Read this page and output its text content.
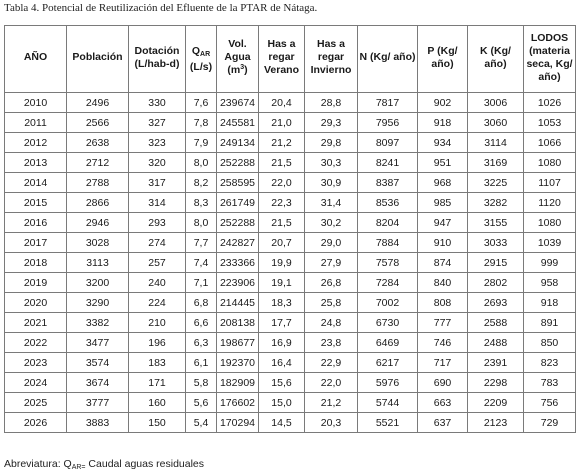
Tabla 4. Potencial de Reutilización del Efluente de la PTAR de Nátaga.
AÑO	Población	Dotación (L/hab-d)	$Q_{AR}$ (L/s)	Vol. Agua $(m^3)$	Has a regar Verano	Has a regar Invierno	N (Kg/ año)	P (Kg/ año)	K (Kg/ año)	LODOS (materia seca, Kg/ año)
2010	2496	330	7,6	239674	20,4	28,8	7817	902	3006	1026
2011	2566	327	7,8	245581	21,0	29,3	7956	918	3060	1053
2012	2638	323	7,9	249134	21,2	29,8	8097	934	3114	1066
2013	2712	320	8,0	252288	21,5	30,3	8241	951	3169	1080
2014	2788	317	8,2	258595	22,0	30,9	8387	968	3225	1107
2015	2866	314	8,3	261749	22,3	31,4	8536	985	3282	1120
2016	2946	293	8,0	252288	21,5	30,2	8204	947	3155	1080
2017	3028	274	7,7	242827	20,7	29,0	7884	910	3033	1039
2018	3113	257	7,4	233366	19,9	27,9	7578	874	2915	999
2019	3200	240	7,1	223906	19,1	26,8	7284	840	2802	958
2020	3290	224	6,8	214445	18,3	25,8	7002	808	2693	918
2021	3382	210	6,6	208138	17,7	24,8	6730	777	2588	891
2022	3477	196	6,3	198677	16,9	23,8	6469	746	2488	850
2023	3574	183	6,1	192370	16,4	22,9	6217	717	2391	823
2024	3674	171	5,8	182909	15,6	22,0	5976	690	2298	783
2025	3777	160	5,6	176602	15,0	21,2	5744	663	2209	756
2026	3883	150	5,4	170294	14,5	20,3	5521	637	2123	729
Abreviatura: $Q_{AR=}$ Caudal aguas residuales
